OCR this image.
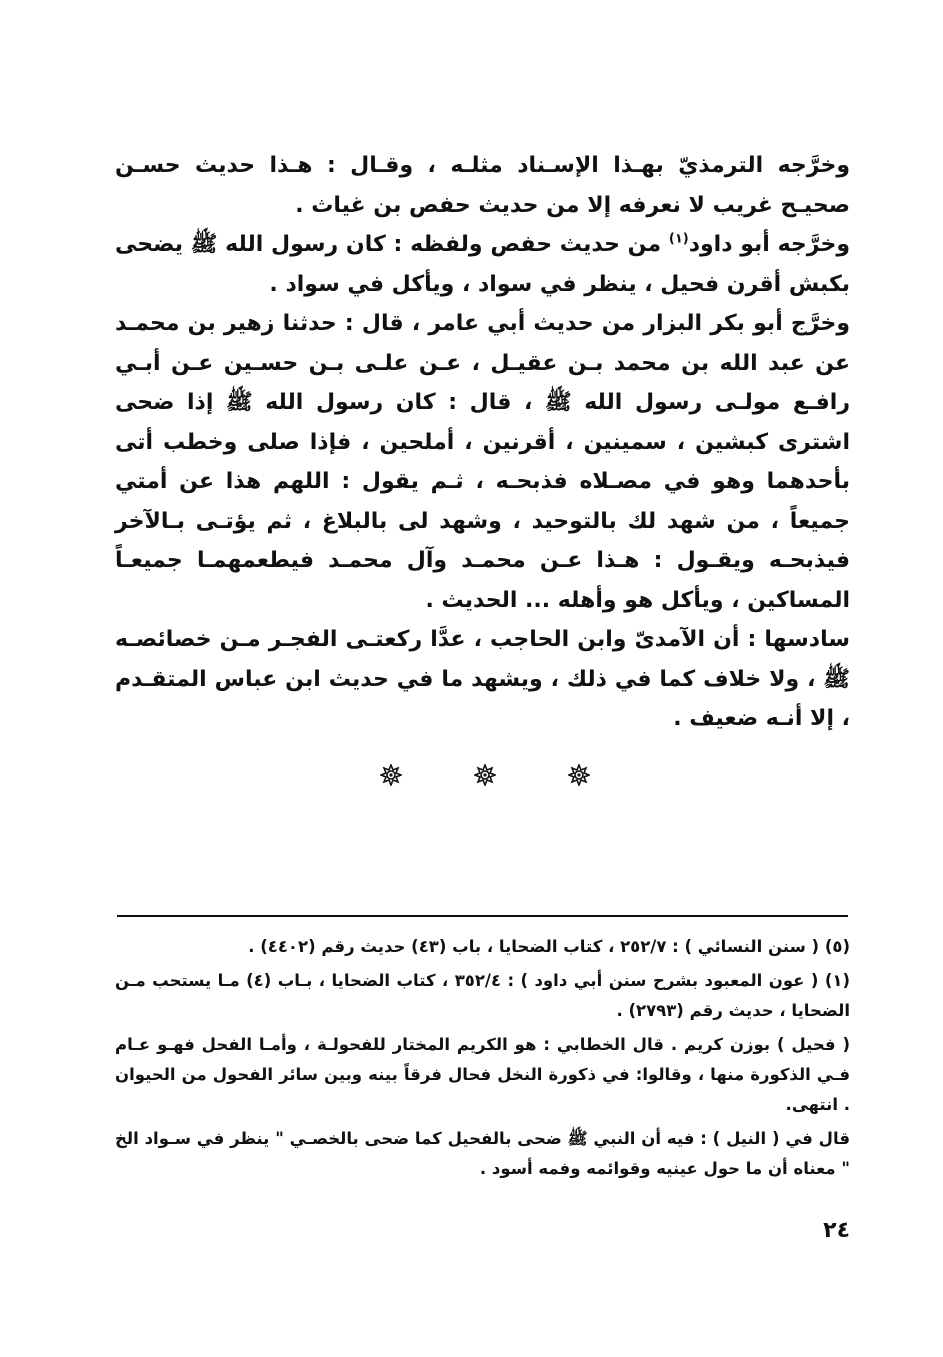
وخرَّجه الترمذيّ بهـذا الإسـناد مثلـه ، وقـال : هـذا حديث حسـن صحيـح غريب لا نعرفه إلا من حديث حفص بن غياث .

وخرَّجه أبو داود$^{(١)}$ من حديث حفص ولفظه : كان رسول الله ﷺ يضحى بكبش أقرن فحيل ، ينظر في سواد ، ويأكل في سواد .

وخرَّج أبو بكر البزار من حديث أبي عامر ، قال : حدثنا زهير بن محمـد عن عبد الله بن محمد بـن عقيـل ، عـن علـى بـن حسـين عـن أبـي رافـع مولـى رسول الله ﷺ ، قال : كان رسول الله ﷺ إذا ضحى اشترى كبشين ، سمينين ، أقرنين ، أملحين ، فإذا صلى وخطب أتى بأحدهما وهو في مصـلاه فذبحـه ، ثـم يقول : اللهم هذا عن أمتي جميعاً ، من شهد لك بالتوحيد ، وشهد لى بالبلاغ ، ثم يؤتـى بـالآخر فيذبحـه ويقـول : هـذا عـن محمـد وآل محمـد فيطعمهمـا جميعـاً المساكين ، ويأكل هو وأهله ... الحديث .

سادسها : أن الآمدىّ وابن الحاجب ، عدَّا ركعتـى الفجـر مـن خصائصـه ﷺ ، ولا خلاف كما في ذلك ، ويشهد ما في حديث ابن عباس المتقـدم ، إلا أنـه ضعيف .

(٥) ( سنن النسائي ) : ٢٥٢/٧ ، كتاب الضحايا ، باب (٤٣) حديث رقم (٤٤٠٢) .

(١) ( عون المعبود بشرح سنن أبي داود ) : ٣٥٢/٤ ، كتاب الضحايا ، بـاب (٤) مـا يستحب مـن الضحايا ، حديث رقم (٢٧٩٣) .

( فحيل ) بوزن كريم . قال الخطابي : هو الكريم المختار للفحولـة ، وأمـا الفحل فهـو عـام فـي الذكورة منها ، وقالوا: في ذكورة النخل فحال فرقاً بينه وبين سائر الفحول من الحيوان . انتهى.

قال في ( النيل ) : فيه أن النبي ﷺ ضحى بالفحيل كما ضحى بالخصـي " ينظر في سـواد الخ " معناه أن ما حول عينيه وقوائمه وفمه أسود .

٢٤
